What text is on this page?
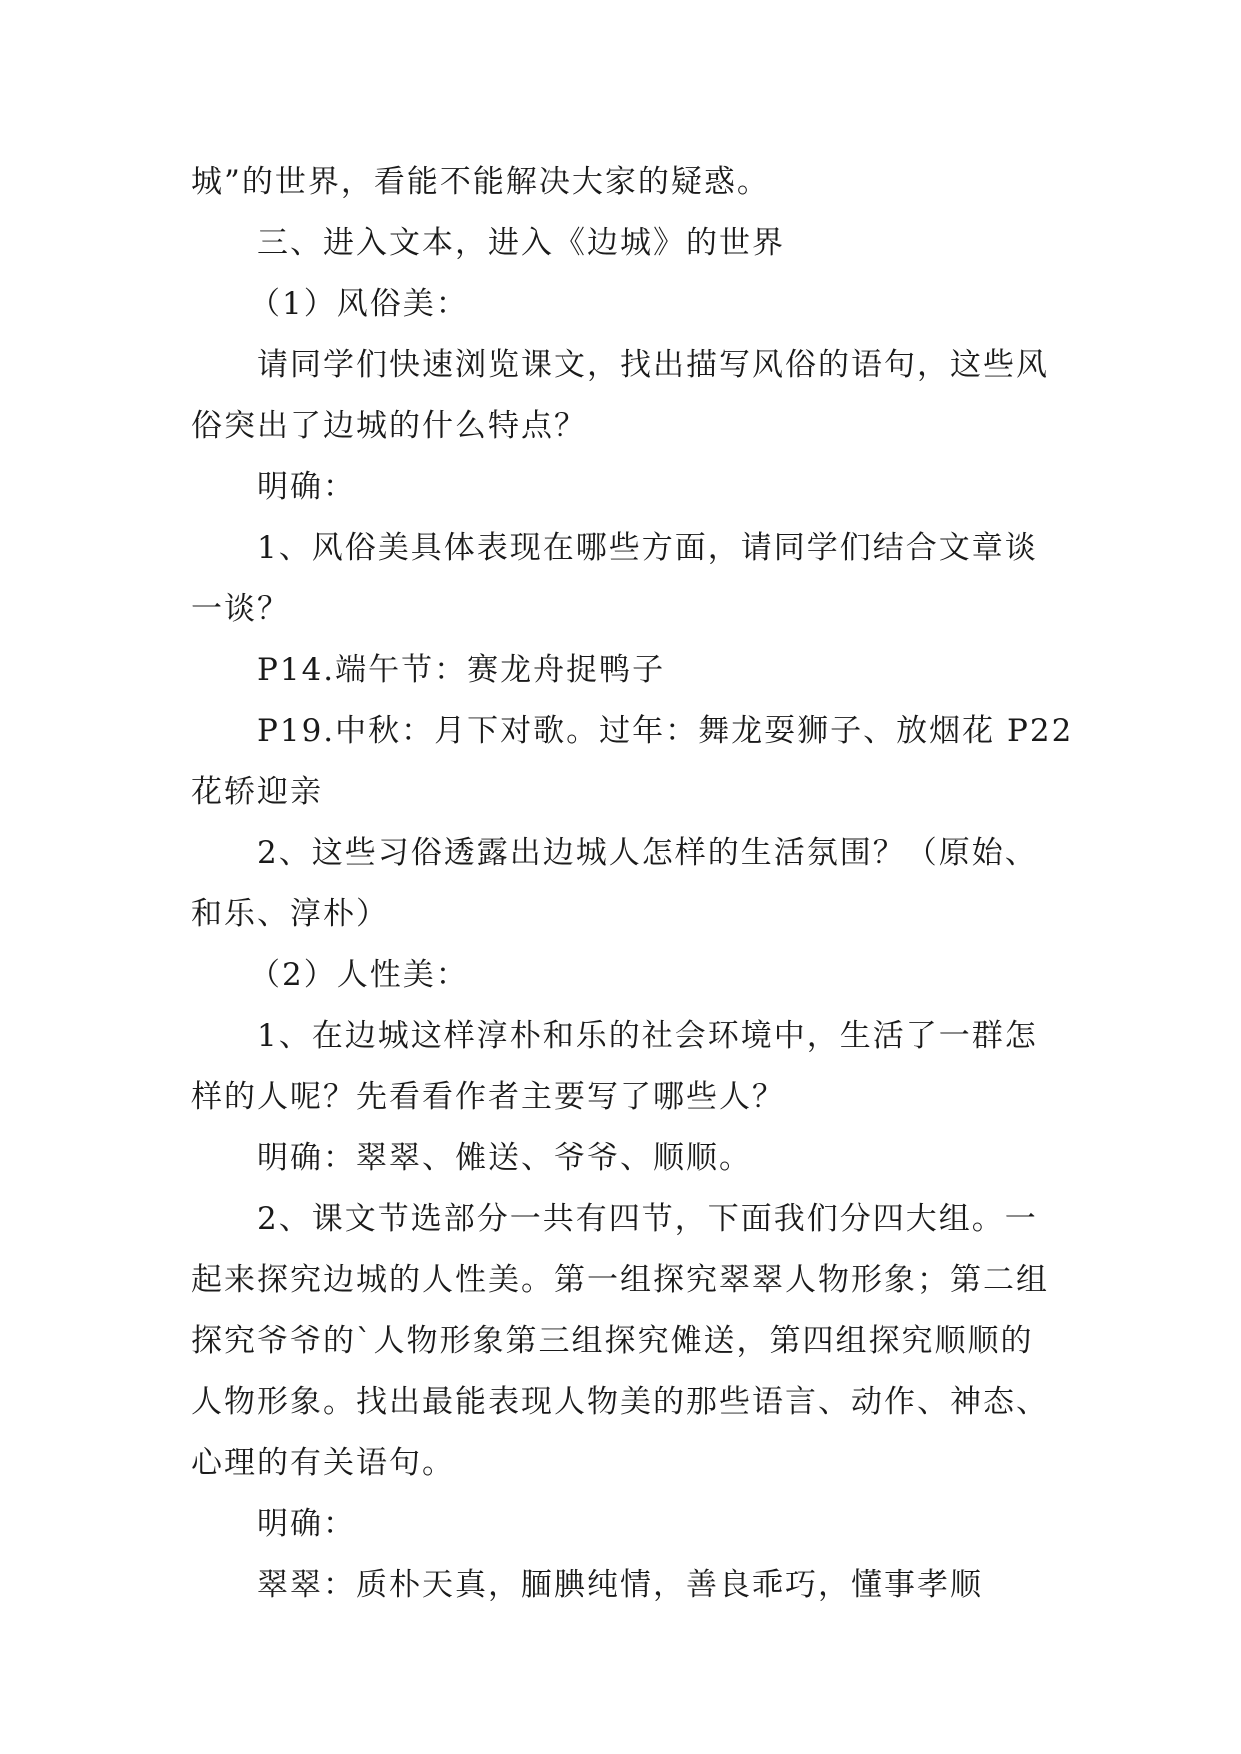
城”的世界，看能不能解决大家的疑惑。
三、进入文本，进入《边城》的世界
（1）风俗美：
请同学们快速浏览课文，找出描写风俗的语句，这些风
俗突出了边城的什么特点？
明确：
1、风俗美具体表现在哪些方面，请同学们结合文章谈
一谈？
P14.端午节：赛龙舟捉鸭子
P19.中秋：月下对歌。过年：舞龙耍狮子、放烟花 P22
花轿迎亲
2、这些习俗透露出边城人怎样的生活氛围？（原始、
和乐、淳朴）
（2）人性美：
1、在边城这样淳朴和乐的社会环境中，生活了一群怎
样的人呢？先看看作者主要写了哪些人？
明确：翠翠、傩送、爷爷、顺顺。
2、课文节选部分一共有四节，下面我们分四大组。一
起来探究边城的人性美。第一组探究翠翠人物形象；第二组
探究爷爷的`人物形象第三组探究傩送，第四组探究顺顺的
人物形象。找出最能表现人物美的那些语言、动作、神态、
心理的有关语句。
明确：
翠翠：质朴天真，腼腆纯情，善良乖巧，懂事孝顺
